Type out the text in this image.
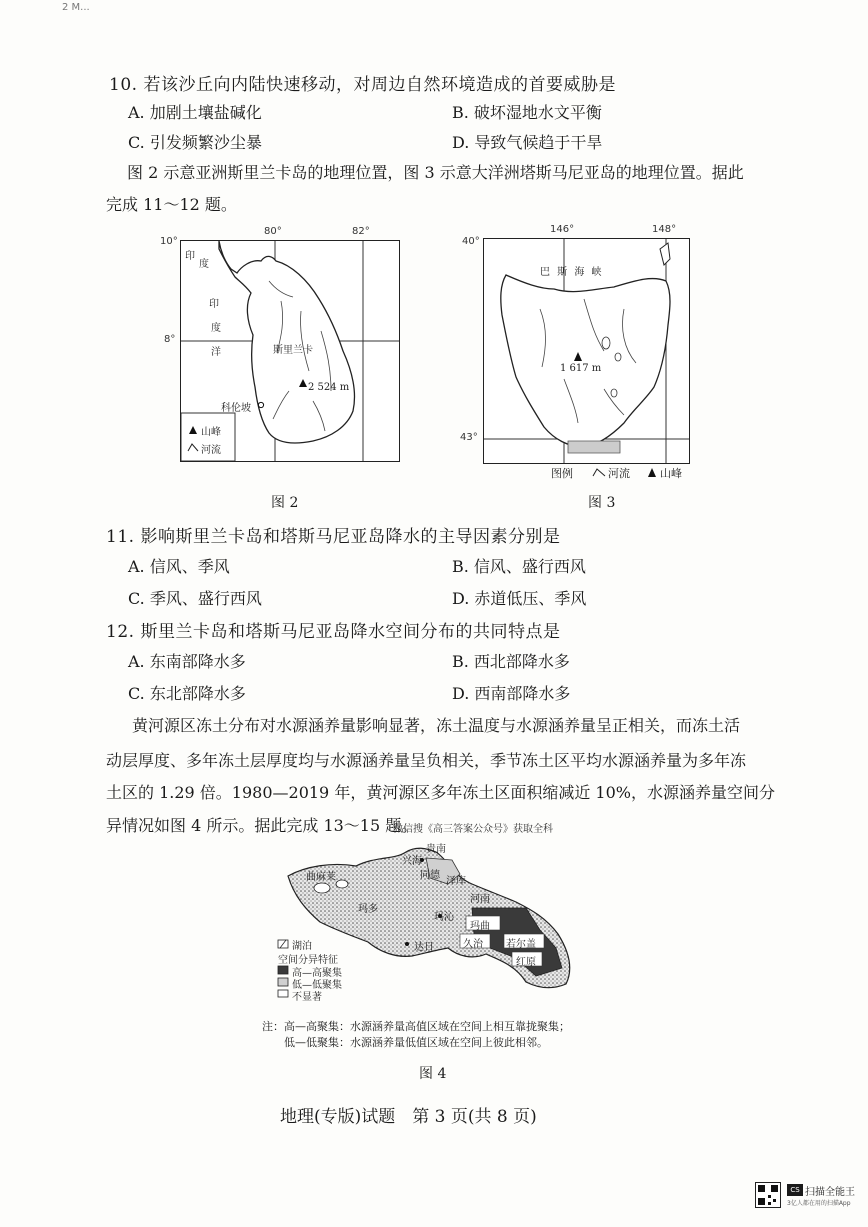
2 M...
10. 若该沙丘向内陆快速移动，对周边自然环境造成的首要威胁是
A. 加剧土壤盐碱化	B. 破坏湿地水文平衡
C. 引发频繁沙尘暴	D. 导致气候趋于干旱
图 2 示意亚洲斯里兰卡岛的地理位置，图 3 示意大洋洲塔斯马尼亚岛的地理位置。据此
完成 11～12 题。
印
度
印
度
洋	斯里兰卡
2 524 m
科伦坡
山峰
河流
80°	82°
10°
8°
图 2
巴 斯 海 峡
1 617 m
146°	148°
40°
43°
图例	河流	山峰
图 3
11. 影响斯里兰卡岛和塔斯马尼亚岛降水的主导因素分别是
A. 信风、季风	B. 信风、盛行西风
C. 季风、盛行西风	D. 赤道低压、季风
12. 斯里兰卡岛和塔斯马尼亚岛降水空间分布的共同特点是
A. 东南部降水多	B. 西北部降水多
C. 东北部降水多	D. 西南部降水多
黄河源区冻土分布对水源涵养量影响显著，冻土温度与水源涵养量呈正相关，而冻土活
动层厚度、多年冻土层厚度均与水源涵养量呈负相关，季节冻土区平均水源涵养量为多年冻
土区的 1.29 倍。1980—2019 年，黄河源区多年冻土区面积缩减近 10%，水源涵养量空间分
异情况如图 4 所示。据此完成 13～15 题。
微信搜《高三答案公众号》获取全科
兴海
贵南
同德
泽库
河南
玛沁
曲麻莱
玛多
达日	久治
玛曲
若尔盖
红原
湖泊
空间分异特征
高—高聚集
低—低聚集
不显著
注：高—高聚集：水源涵养量高值区域在空间上相互靠拢聚集；
低—低聚集：水源涵养量低值区域在空间上彼此相邻。
图 4
地理(专版)试题　第 3 页(共 8 页)
CS 扫描全能王
3亿人都在用的扫描App
